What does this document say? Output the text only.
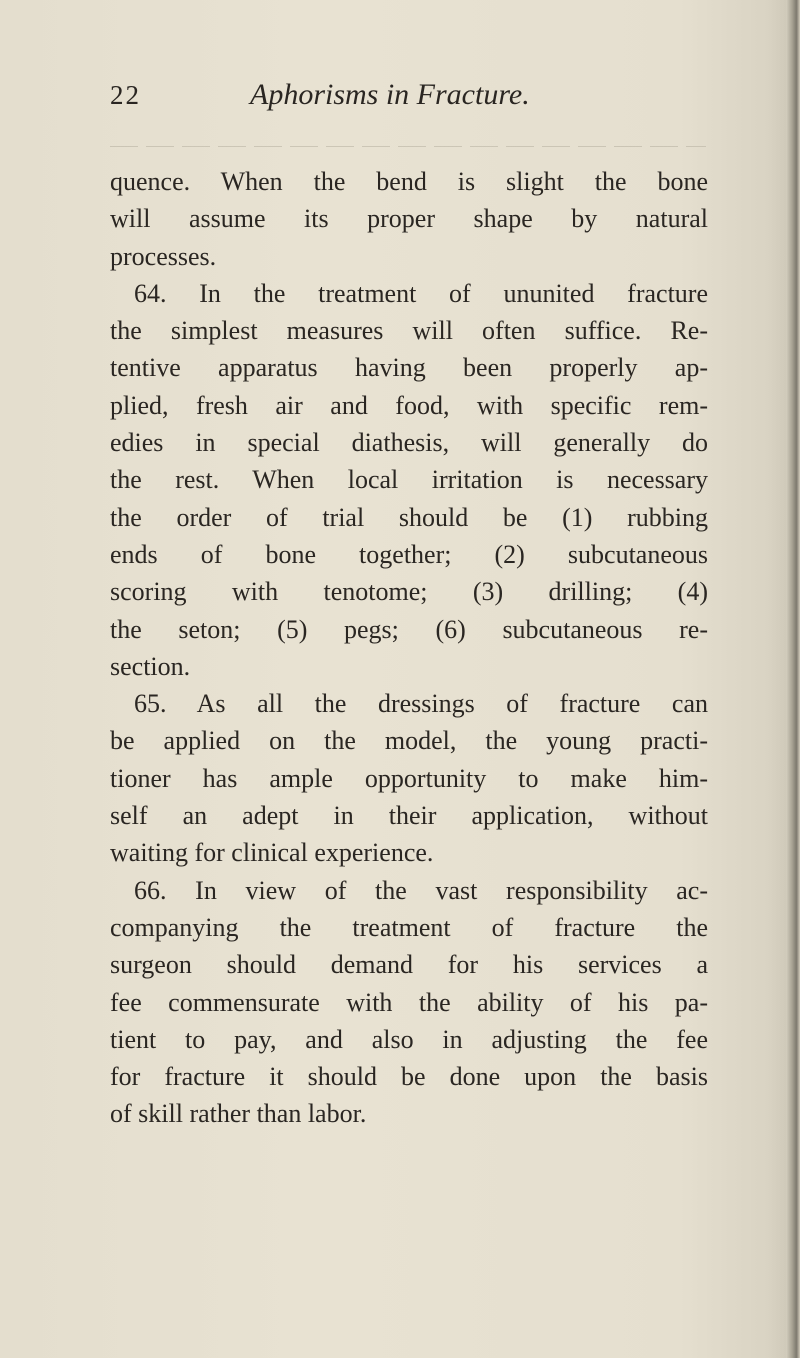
22	Aphorisms in Fracture.
quence. When the bend is slight the bone
will assume its proper shape by natural
processes.
64. In the treatment of ununited fracture
the simplest measures will often suffice. Re-
tentive apparatus having been properly ap-
plied, fresh air and food, with specific rem-
edies in special diathesis, will generally do
the rest. When local irritation is necessary
the order of trial should be (1) rubbing
ends of bone together; (2) subcutaneous
scoring with tenotome; (3) drilling; (4)
the seton; (5) pegs; (6) subcutaneous re-
section.
65. As all the dressings of fracture can
be applied on the model, the young practi-
tioner has ample opportunity to make him-
self an adept in their application, without
waiting for clinical experience.
66. In view of the vast responsibility ac-
companying the treatment of fracture the
surgeon should demand for his services a
fee commensurate with the ability of his pa-
tient to pay, and also in adjusting the fee
for fracture it should be done upon the basis
of skill rather than labor.
